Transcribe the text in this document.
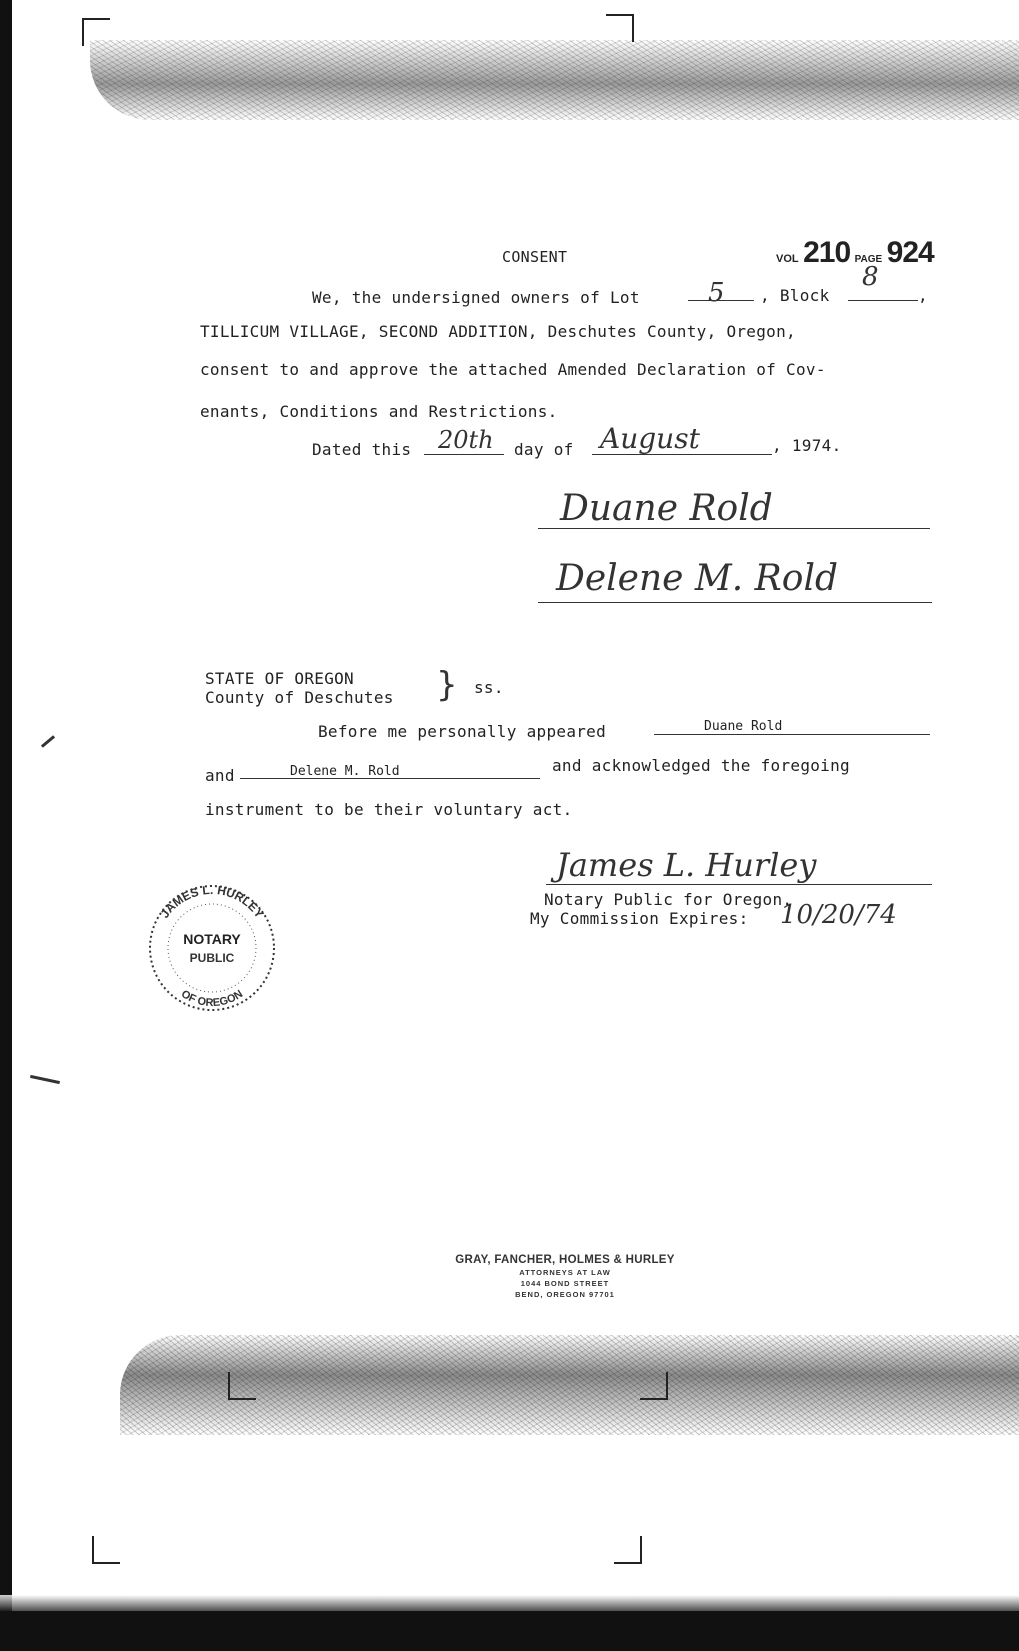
CONSENT	VOL 210 PAGE 924
We, the undersigned owners of Lot	5 , Block
8
,
TILLICUM VILLAGE, SECOND ADDITION, Deschutes County, Oregon,
consent to and approve the attached Amended Declaration of Cov-
enants, Conditions and Restrictions.
Dated this 20th day of August	, 1974.
Duane Rold
Delene M. Rold
STATE OF OREGON
County of Deschutes } ss.
Before me personally appeared	Duane Rold
and	Delene M. Rold	and acknowledged the foregoing
instrument to be their voluntary act.
James L. Hurley
Notary Public for Oregon.
My Commission Expires: 10/20/74
JAMES L. HURLEY
NOTARY
PUBLIC
OF OREGON
GRAY, FANCHER, HOLMES & HURLEY
ATTORNEYS AT LAW
1044 BOND STREET
BEND, OREGON 97701
